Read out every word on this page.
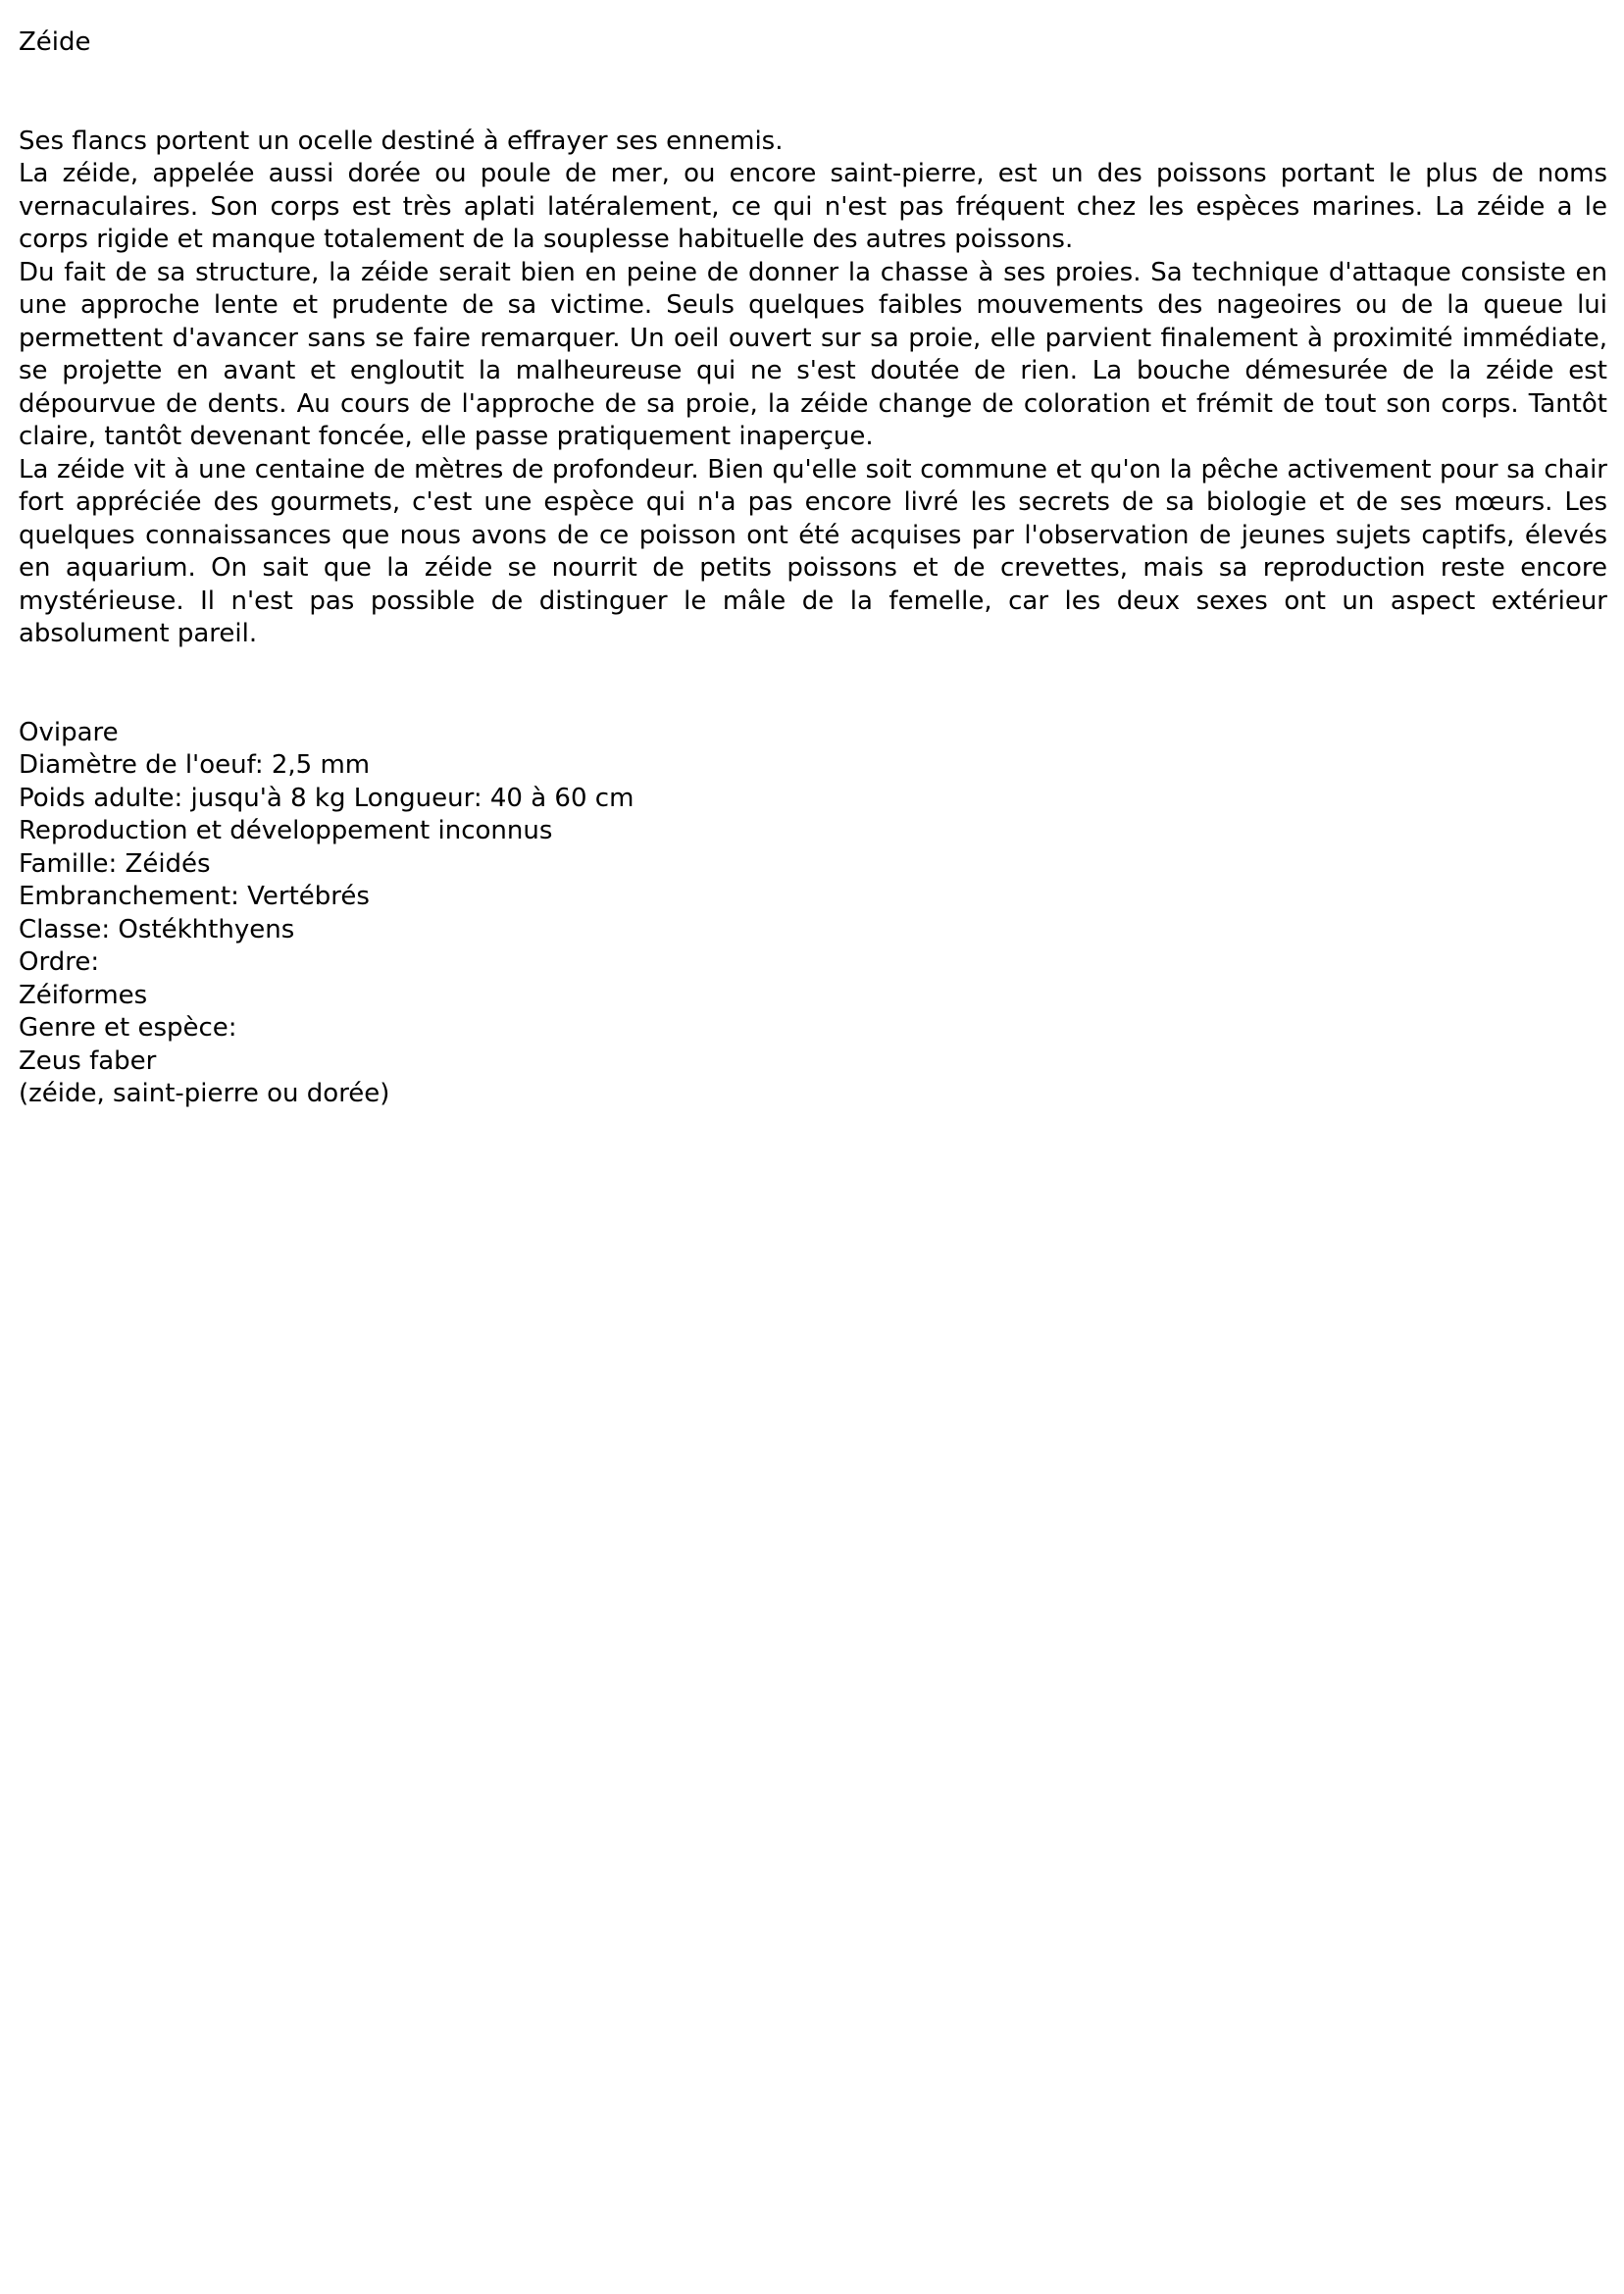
Zéide

Ses flancs portent un ocelle destiné à effrayer ses ennemis.

La zéide, appelée aussi dorée ou poule de mer, ou encore saint-pierre, est un des poissons portant le plus de noms vernaculaires. Son corps est très aplati latéralement, ce qui n'est pas fréquent chez les espèces marines. La zéide a le corps rigide et manque totalement de la souplesse habituelle des autres poissons.

Du fait de sa structure, la zéide serait bien en peine de donner la chasse à ses proies. Sa technique d'attaque consiste en une approche lente et prudente de sa victime. Seuls quelques faibles mouvements des nageoires ou de la queue lui permettent d'avancer sans se faire remarquer. Un oeil ouvert sur sa proie, elle parvient finalement à proximité immédiate, se projette en avant et engloutit la malheureuse qui ne s'est doutée de rien. La bouche démesurée de la zéide est dépourvue de dents. Au cours de l'approche de sa proie, la zéide change de coloration et frémit de tout son corps. Tantôt claire, tantôt devenant foncée, elle passe pratiquement inaperçue.

La zéide vit à une centaine de mètres de profondeur. Bien qu'elle soit commune et qu'on la pêche activement pour sa chair fort appréciée des gourmets, c'est une espèce qui n'a pas encore livré les secrets de sa biologie et de ses mœurs. Les quelques connaissances que nous avons de ce poisson ont été acquises par l'observation de jeunes sujets captifs, élevés en aquarium. On sait que la zéide se nourrit de petits poissons et de crevettes, mais sa reproduction reste encore mystérieuse. Il n'est pas possible de distinguer le mâle de la femelle, car les deux sexes ont un aspect extérieur absolument pareil.

Ovipare

Diamètre de l'oeuf: 2,5 mm

Poids adulte: jusqu'à 8 kg Longueur: 40 à 60 cm

Reproduction et développement inconnus

Famille: Zéidés

Embranchement: Vertébrés

Classe: Ostékhthyens

Ordre:

Zéiformes

Genre et espèce:

Zeus faber

(zéide, saint-pierre ou dorée)
